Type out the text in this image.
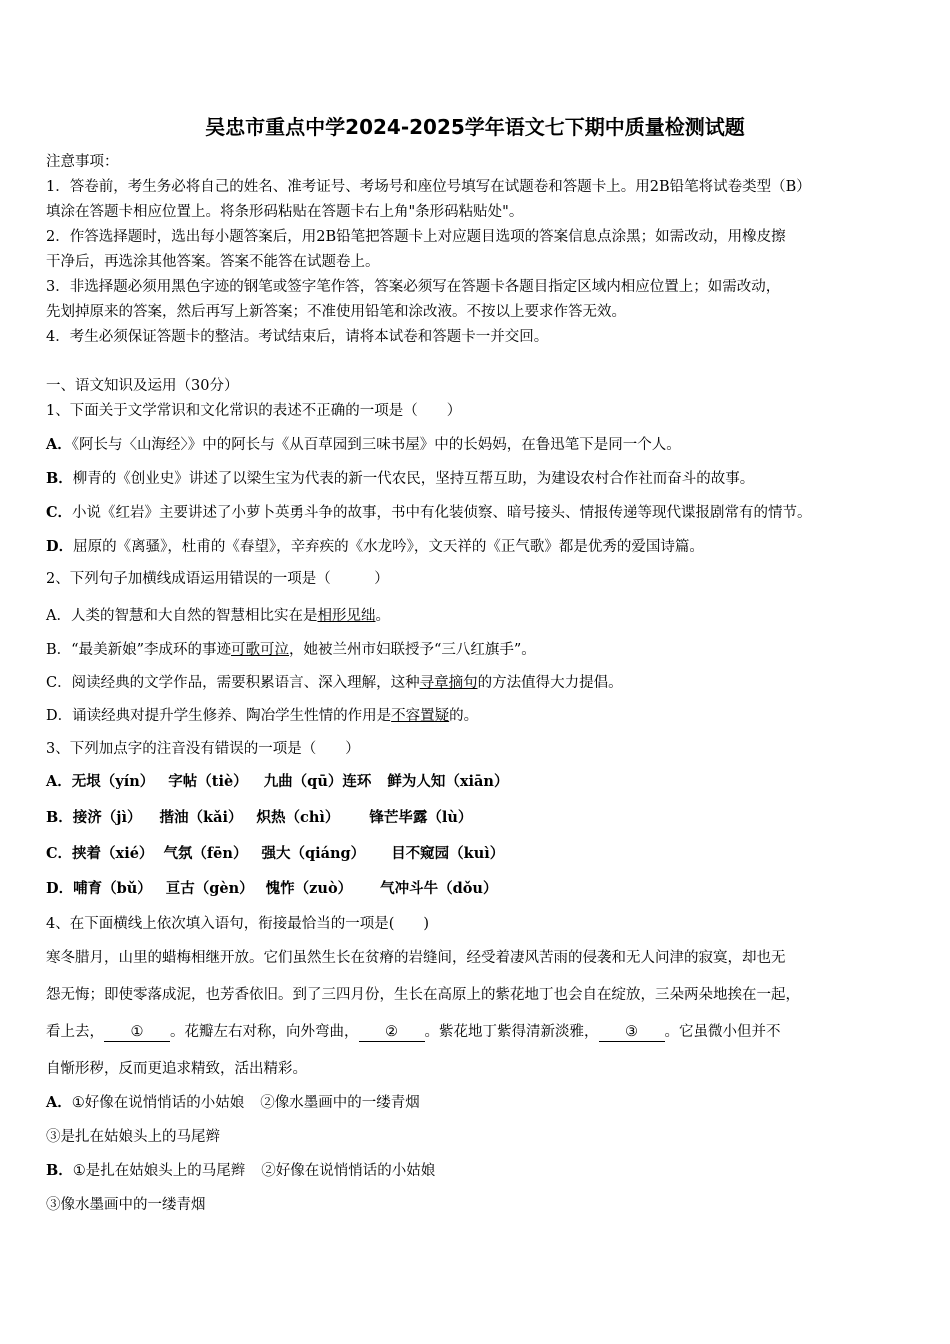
吴忠市重点中学2024-2025学年语文七下期中质量检测试题
注意事项：
1．答卷前，考生务必将自己的姓名、准考证号、考场号和座位号填写在试题卷和答题卡上。用2B铅笔将试卷类型（B）
填涂在答题卡相应位置上。将条形码粘贴在答题卡右上角"条形码粘贴处"。
2．作答选择题时，选出每小题答案后，用2B铅笔把答题卡上对应题目选项的答案信息点涂黑；如需改动，用橡皮擦
干净后，再选涂其他答案。答案不能答在试题卷上。
3．非选择题必须用黑色字迹的钢笔或签字笔作答，答案必须写在答题卡各题目指定区域内相应位置上；如需改动，
先划掉原来的答案，然后再写上新答案；不准使用铅笔和涂改液。不按以上要求作答无效。
4．考生必须保证答题卡的整洁。考试结束后，请将本试卷和答题卡一并交回。
一、语文知识及运用（30分）
1、下面关于文学常识和文化常识的表述不正确的一项是（　　）
A．《阿长与〈山海经〉》中的阿长与《从百草园到三味书屋》中的长妈妈，在鲁迅笔下是同一个人。
B．柳青的《创业史》讲述了以梁生宝为代表的新一代农民，坚持互帮互助，为建设农村合作社而奋斗的故事。
C．小说《红岩》主要讲述了小萝卜英勇斗争的故事，书中有化装侦察、暗号接头、情报传递等现代谍报剧常有的情节。
D．屈原的《离骚》，杜甫的《春望》，辛弃疾的《水龙吟》，文天祥的《正气歌》都是优秀的爱国诗篇。
2、下列句子加横线成语运用错误的一项是（　　　）
A．人类的智慧和大自然的智慧相比实在是相形见绌。
B．“最美新娘”李成环的事迹可歌可泣，她被兰州市妇联授予“三八红旗手”。
C．阅读经典的文学作品，需要积累语言、深入理解，这种寻章摘句的方法值得大力提倡。
D．诵读经典对提升学生修养、陶冶学生性情的作用是不容置疑的。
3、下列加点字的注音没有错误的一项是（　　）
A．无垠（yín） 字帖（tiè） 九曲（qū）连环 鲜为人知（xiān）
B．接济（jì） 揩油（kǎi） 炽热（chì） 锋芒毕露（lù）
C．挟着（xié） 气氛（fēn） 强大（qiáng） 目不窥园（kuì）
D．哺育（bǔ） 亘古（gèn） 愧怍（zuò） 气冲斗牛（dǒu）
4、在下面横线上依次填入语句，衔接最恰当的一项是(　　)
寒冬腊月，山里的蜡梅相继开放。它们虽然生长在贫瘠的岩缝间，经受着凄风苦雨的侵袭和无人问津的寂寞，却也无
怨无悔；即使零落成泥，也芳香依旧。到了三四月份，生长在高原上的紫花地丁也会自在绽放，三朵两朵地挨在一起，
看上去， ① 。花瓣左右对称，向外弯曲， ② 。紫花地丁紫得清新淡雅， ③ 。它虽微小但并不
自惭形秽，反而更追求精致，活出精彩。
A．①好像在说悄悄话的小姑娘 ②像水墨画中的一缕青烟
③是扎在姑娘头上的马尾辫
B．①是扎在姑娘头上的马尾辫 ②好像在说悄悄话的小姑娘
③像水墨画中的一缕青烟
